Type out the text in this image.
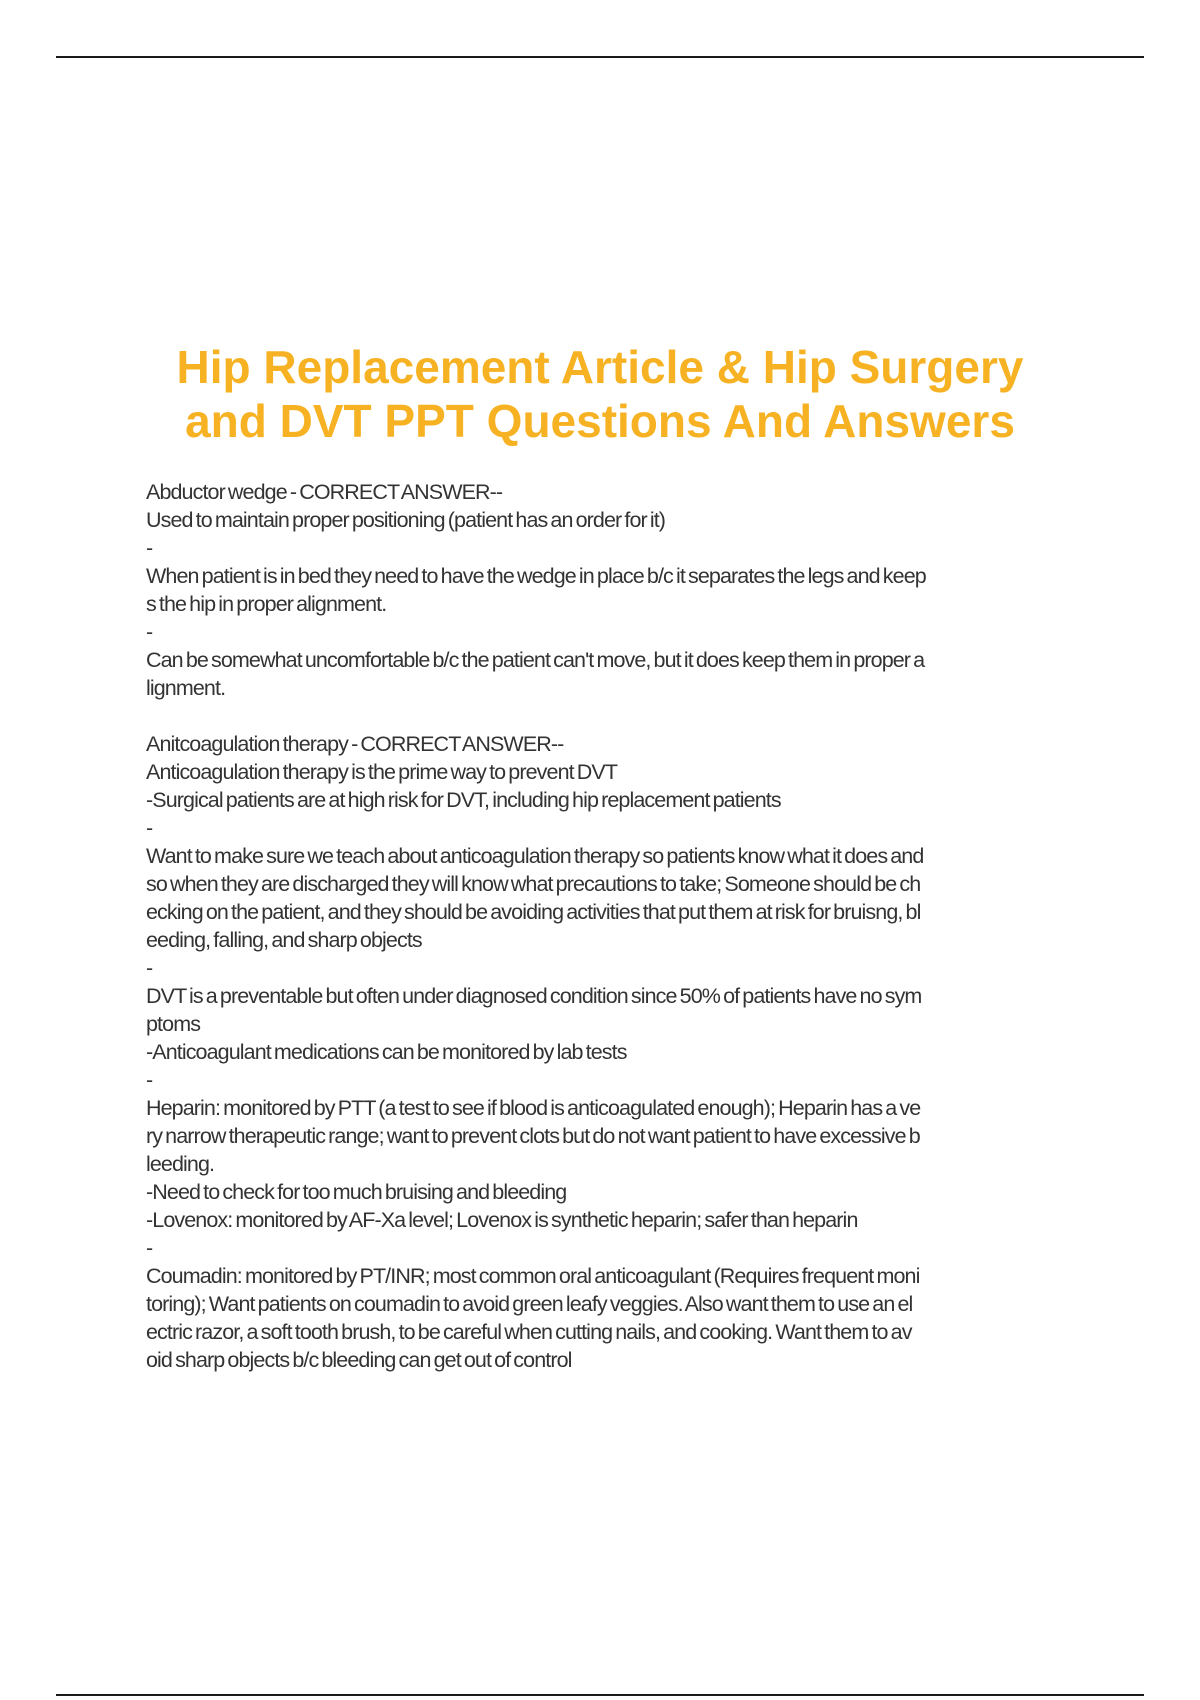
Hip Replacement Article & Hip Surgery
and DVT PPT Questions And Answers
Abductor wedge - CORRECT ANSWER--
Used to maintain proper positioning (patient has an order for it)
-
When patient is in bed they need to have the wedge in place b/c it separates the legs and keep
s the hip in proper alignment.
-
Can be somewhat uncomfortable b/c the patient can't move, but it does keep them in proper a
lignment.
Anitcoagulation therapy - CORRECT ANSWER--
Anticoagulation therapy is the prime way to prevent DVT
-Surgical patients are at high risk for DVT, including hip replacement patients
-
Want to make sure we teach about anticoagulation therapy so patients know what it does and
so when they are discharged they will know what precautions to take; Someone should be ch
ecking on the patient, and they should be avoiding activities that put them at risk for bruisng, bl
eeding, falling, and sharp objects
-
DVT is a preventable but often under diagnosed condition since 50% of patients have no sym
ptoms
-Anticoagulant medications can be monitored by lab tests
-
Heparin: monitored by PTT (a test to see if blood is anticoagulated enough); Heparin has a ve
ry narrow therapeutic range; want to prevent clots but do not want patient to have excessive b
leeding.
-Need to check for too much bruising and bleeding
-Lovenox: monitored by AF-Xa level; Lovenox is synthetic heparin; safer than heparin
-
Coumadin: monitored by PT/INR; most common oral anticoagulant (Requires frequent moni
toring); Want patients on coumadin to avoid green leafy veggies. Also want them to use an el
ectric razor, a soft tooth brush, to be careful when cutting nails, and cooking. Want them to av
oid sharp objects b/c bleeding can get out of control
